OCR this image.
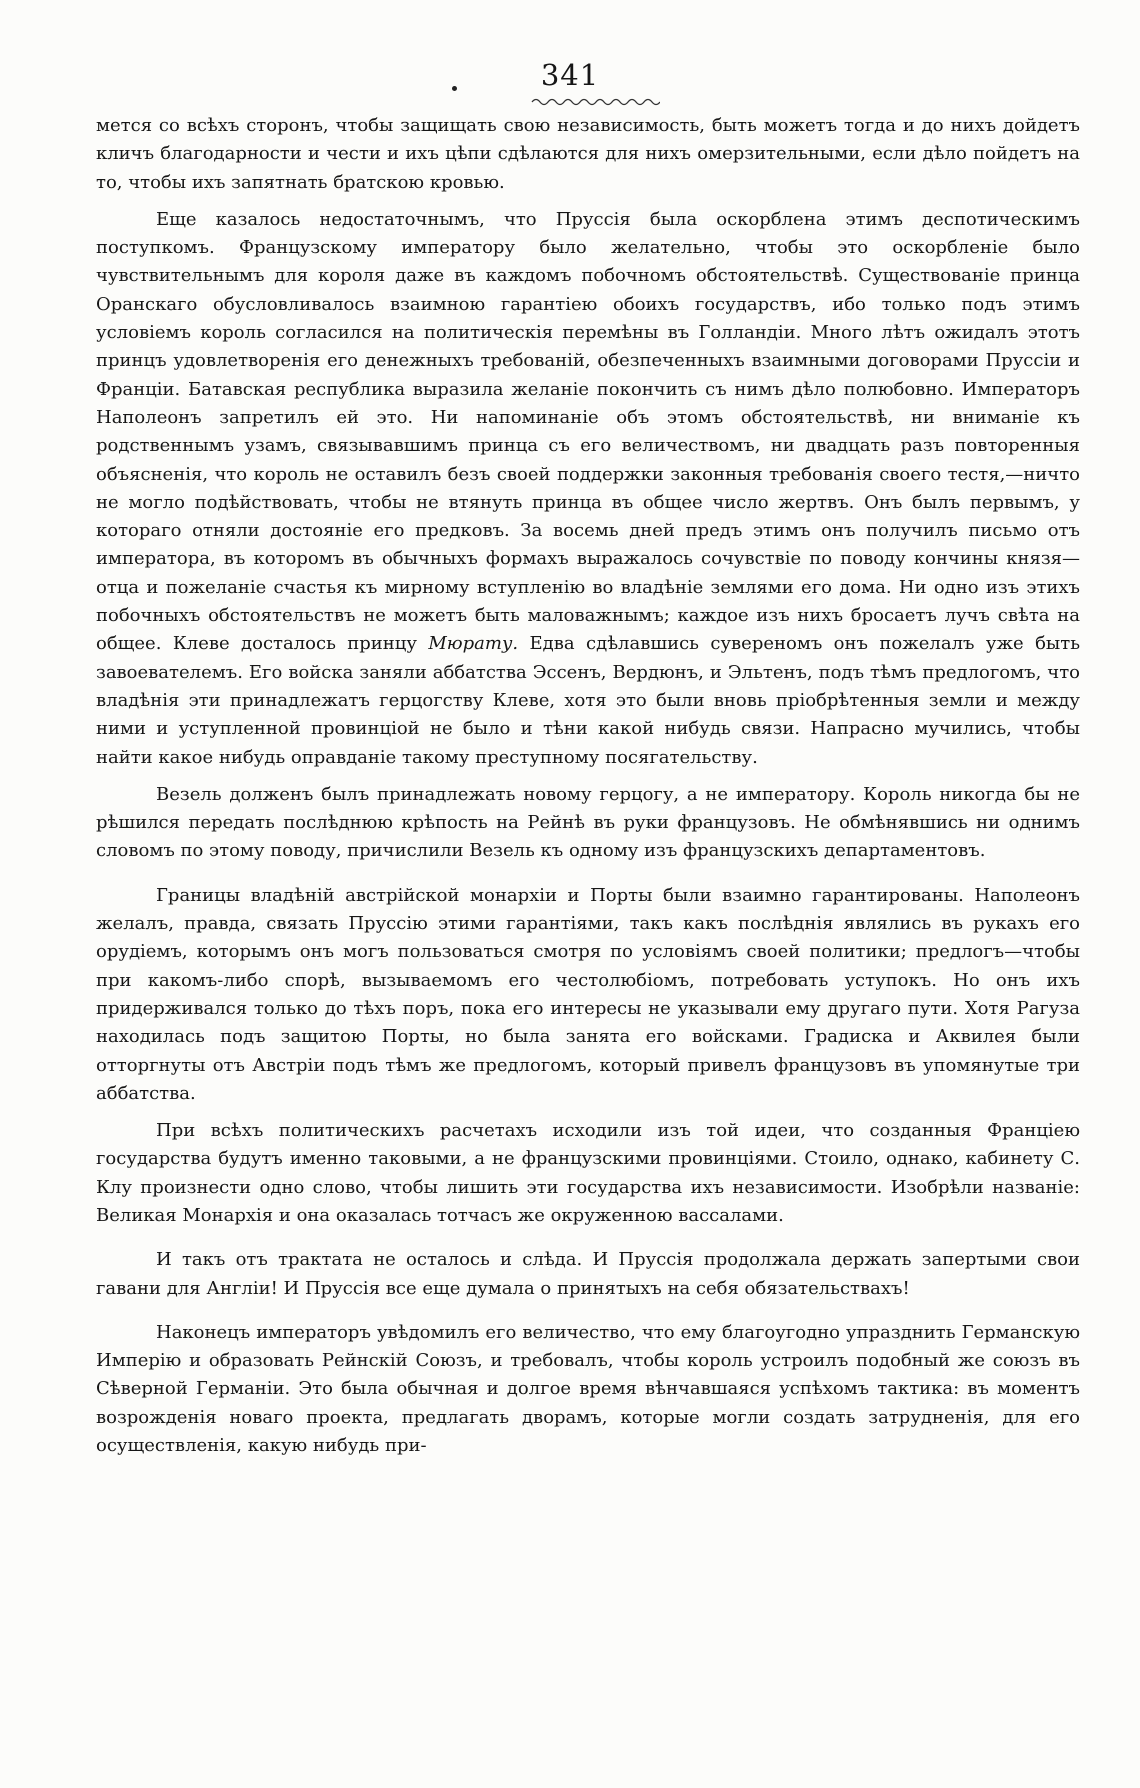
341

мется со всѣхъ сторонъ, чтобы защищать свою независимость, быть можетъ тогда и до нихъ дойдетъ кличъ благодарности и чести и ихъ цѣпи сдѣлаются для нихъ омерзительными, если дѣло пойдетъ на то, чтобы ихъ запятнать братскою кровью.

Еще казалось недостаточнымъ, что Пруссія была оскорблена этимъ деспотическимъ поступкомъ. Французскому императору было желательно, чтобы это оскорбленіе было чувствительнымъ для короля даже въ каждомъ побочномъ обстоятельствѣ. Существованіе принца Оранскаго обусловливалось взаимною гарантіею обоихъ государствъ, ибо только подъ этимъ условіемъ король согласился на политическія перемѣны въ Голландіи. Много лѣтъ ожидалъ этотъ принцъ удовлетворенія его денежныхъ требованій, обезпеченныхъ взаимными договорами Пруссіи и Франціи. Батавская республика выразила желаніе покончить съ нимъ дѣло полюбовно. Императоръ Наполеонъ запретилъ ей это. Ни напоминаніе объ этомъ обстоятельствѣ, ни вниманіе къ родственнымъ узамъ, связывавшимъ принца съ его величествомъ, ни двадцать разъ повторенныя объясненія, что король не оставилъ безъ своей поддержки законныя требованія своего тестя,—ничто не могло подѣйствовать, чтобы не втянуть принца въ общее число жертвъ. Онъ былъ первымъ, у котораго отняли достояніе его предковъ. За восемь дней предъ этимъ онъ получилъ письмо отъ императора, въ которомъ въ обычныхъ формахъ выражалось сочувствіе по поводу кончины князя—отца и пожеланіе счастья къ мирному вступленію во владѣніе землями его дома. Ни одно изъ этихъ побочныхъ обстоятельствъ не можетъ быть маловажнымъ; каждое изъ нихъ бросаетъ лучъ свѣта на общее. Клеве досталось принцу Мюрату. Едва сдѣлавшись сувереномъ онъ пожелалъ уже быть завоевателемъ. Его войска заняли аббатства Эссенъ, Вердюнъ, и Эльтенъ, подъ тѣмъ предлогомъ, что владѣнія эти принадлежатъ герцогству Клеве, хотя это были вновь пріобрѣтенныя земли и между ними и уступленной провинціой не было и тѣни какой нибудь связи. Напрасно мучились, чтобы найти какое нибудь оправданіе такому преступному посягательству.

Везель долженъ былъ принадлежать новому герцогу, а не императору. Король никогда бы не рѣшился передать послѣднюю крѣпость на Рейнѣ въ руки французовъ. Не обмѣнявшись ни однимъ словомъ по этому поводу, причислили Везель къ одному изъ французскихъ департаментовъ.

Границы владѣній австрійской монархіи и Порты были взаимно гарантированы. Наполеонъ желалъ, правда, связать Пруссію этими гарантіями, такъ какъ послѣднія являлись въ рукахъ его орудіемъ, которымъ онъ могъ пользоваться смотря по условіямъ своей политики; предлогъ—чтобы при какомъ-либо спорѣ, вызываемомъ его честолюбіомъ, потребовать уступокъ. Но онъ ихъ придерживался только до тѣхъ поръ, пока его интересы не указывали ему другаго пути. Хотя Рагуза находилась подъ защитою Порты, но была занята его войсками. Градиска и Аквилея были отторгнуты отъ Австріи подъ тѣмъ же предлогомъ, который привелъ французовъ въ упомянутые три аббатства.

При всѣхъ политическихъ расчетахъ исходили изъ той идеи, что созданныя Франціею государства будутъ именно таковыми, а не французскими провинціями. Стоило, однако, кабинету С. Клу произнести одно слово, чтобы лишить эти государства ихъ независимости. Изобрѣли названіе: Великая Монархія и она оказалась тотчасъ же окруженною вассалами.

И такъ отъ трактата не осталось и слѣда. И Пруссія продолжала держать запертыми свои гавани для Англіи! И Пруссія все еще думала о принятыхъ на себя обязательствахъ!

Наконецъ императоръ увѣдомилъ его величество, что ему благоугодно упразднить Германскую Имперію и образовать Рейнскій Союзъ, и требовалъ, чтобы король устроилъ подобный же союзъ въ Сѣверной Германіи. Это была обычная и долгое время вѣнчавшаяся успѣхомъ тактика: въ моментъ возрожденія новаго проекта, предлагать дворамъ, которые могли создать затрудненія, для его осуществленія, какую нибудь при-
